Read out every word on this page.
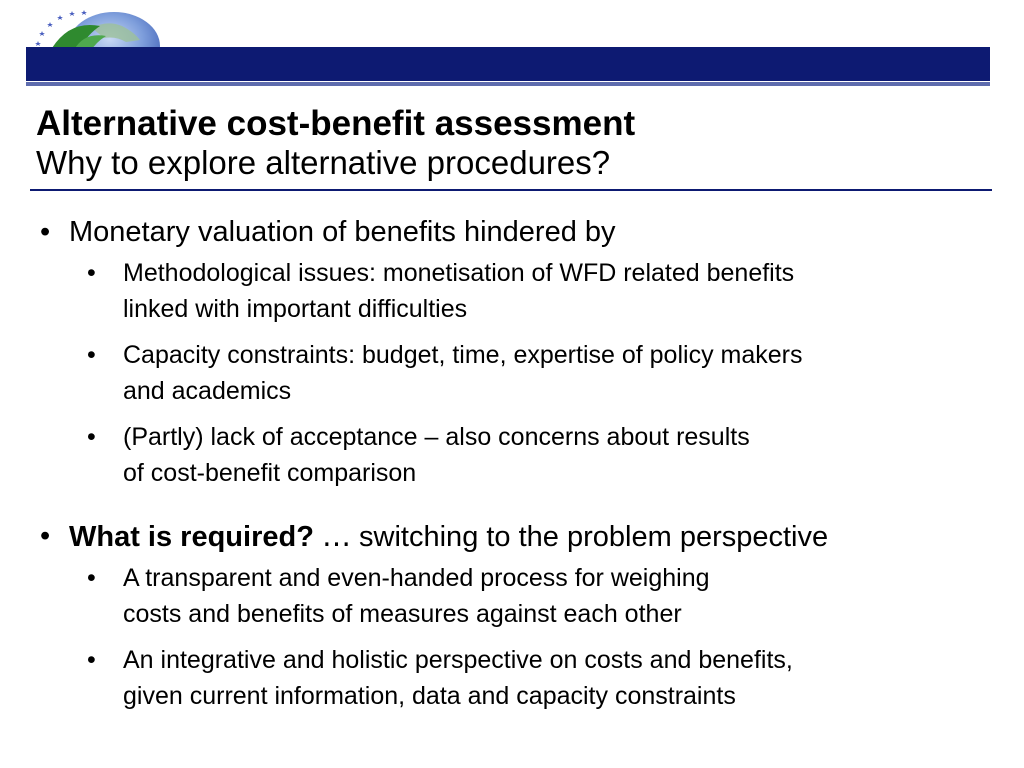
Alternative cost-benefit assessment
Why to explore alternative procedures?
• Monetary valuation of benefits hindered by
• Methodological issues: monetisation of WFD related benefits
linked with important difficulties
• Capacity constraints: budget, time, expertise of policy makers
and academics
• (Partly) lack of acceptance – also concerns about results
of cost-benefit comparison
• What is required? … switching to the problem perspective
• A transparent and even-handed process for weighing
costs and benefits of measures against each other
• An integrative and holistic perspective on costs and benefits,
given current information, data and capacity constraints
